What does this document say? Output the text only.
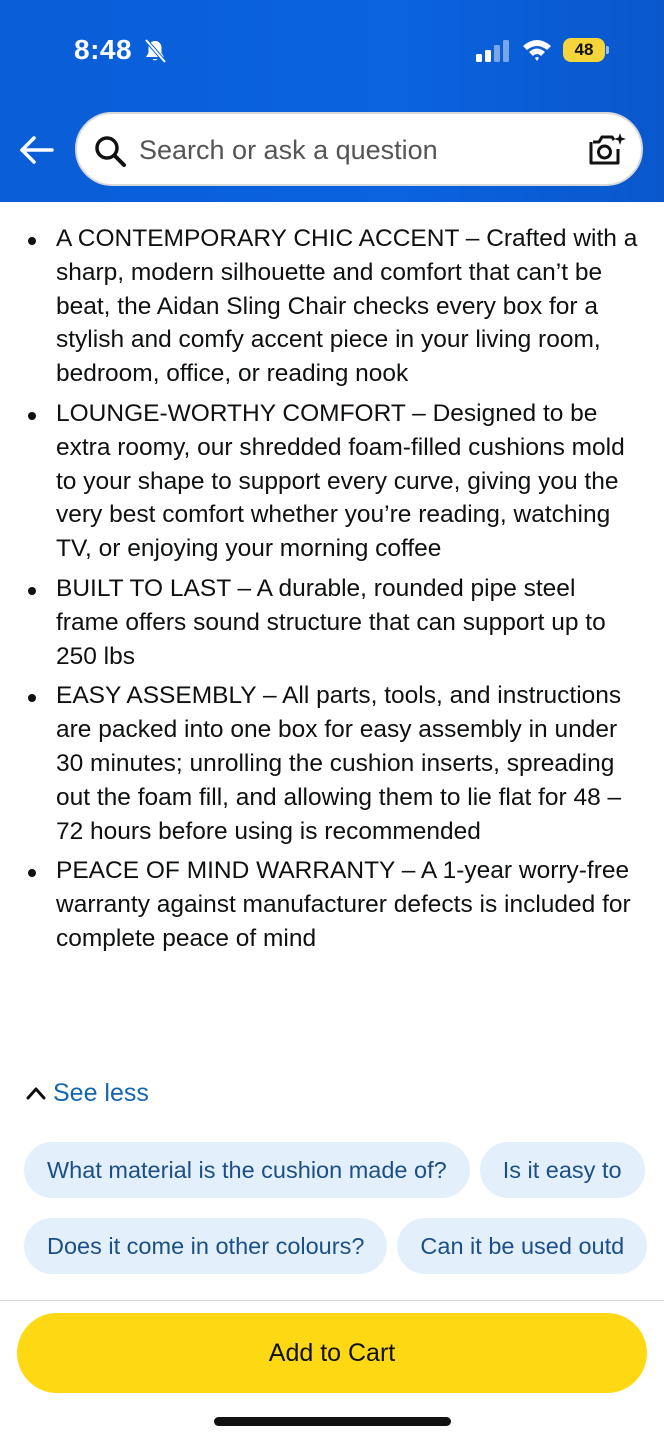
8:48	48
Search or ask a question
A CONTEMPORARY CHIC ACCENT – Crafted with a sharp, modern silhouette and comfort that can’t be beat, the Aidan Sling Chair checks every box for a stylish and comfy accent piece in your living room, bedroom, office, or reading nook
LOUNGE-WORTHY COMFORT – Designed to be extra roomy, our shredded foam-filled cushions mold to your shape to support every curve, giving you the very best comfort whether you’re reading, watching TV, or enjoying your morning coffee
BUILT TO LAST – A durable, rounded pipe steel frame offers sound structure that can support up to 250 lbs
EASY ASSEMBLY – All parts, tools, and instructions are packed into one box for easy assembly in under 30 minutes; unrolling the cushion inserts, spreading out the foam fill, and allowing them to lie flat for 48 – 72 hours before using is recommended
PEACE OF MIND WARRANTY – A 1-year worry-free warranty against manufacturer defects is included for complete peace of mind
See less
What material is the cushion made of? Is it easy to
Does it come in other colours? Can it be used outd
Add to Cart
